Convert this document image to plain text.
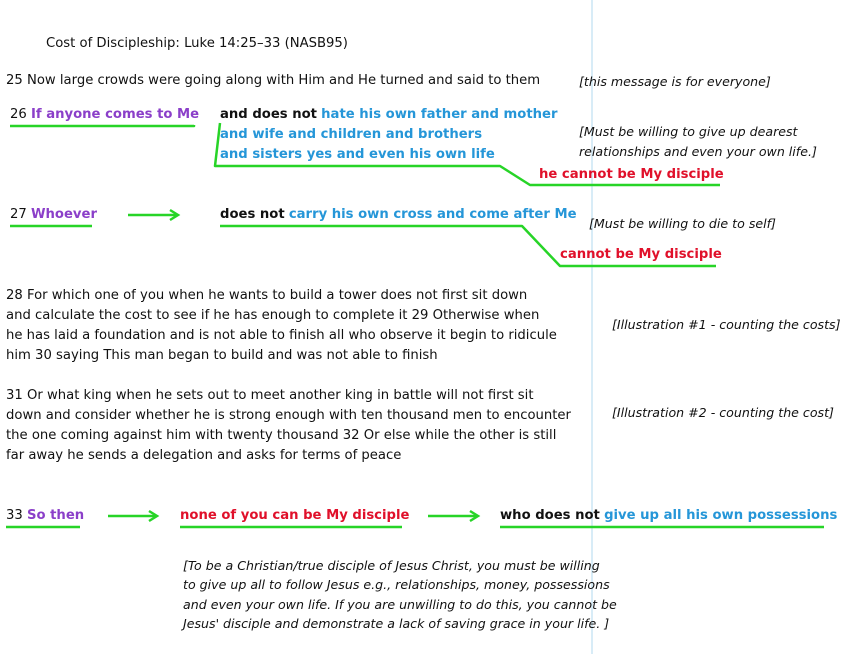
Cost of Discipleship: Luke 14:25–33 (NASB95)
25 Now large crowds were going along with Him and He turned and said to them	[this message is for everyone]
26 If anyone comes to Me and does not hate his own father and mother
and wife and children and brothers
and sisters yes and even his own life
he cannot be My disciple
[Must be willing to give up dearest
relationships and even your own life.]
27 Whoever	does not carry his own cross and come after Me
[Must be willing to die to self]
cannot be My disciple
28 For which one of you when he wants to build a tower does not first sit down
and calculate the cost to see if he has enough to complete it 29 Otherwise when
he has laid a foundation and is not able to finish all who observe it begin to ridicule
him 30 saying This man began to build and was not able to finish
[Illustration #1 - counting the costs]
31 Or what king when he sets out to meet another king in battle will not first sit
down and consider whether he is strong enough with ten thousand men to encounter
the one coming against him with twenty thousand 32 Or else while the other is still
far away he sends a delegation and asks for terms of peace
[Illustration #2 - counting the cost]
33 So then	none of you can be My disciple	who does not give up all his own possessions
[To be a Christian/true disciple of Jesus Christ, you must be willing
to give up all to follow Jesus e.g., relationships, money, possessions
and even your own life. If you are unwilling to do this, you cannot be
Jesus' disciple and demonstrate a lack of saving grace in your life. ]
